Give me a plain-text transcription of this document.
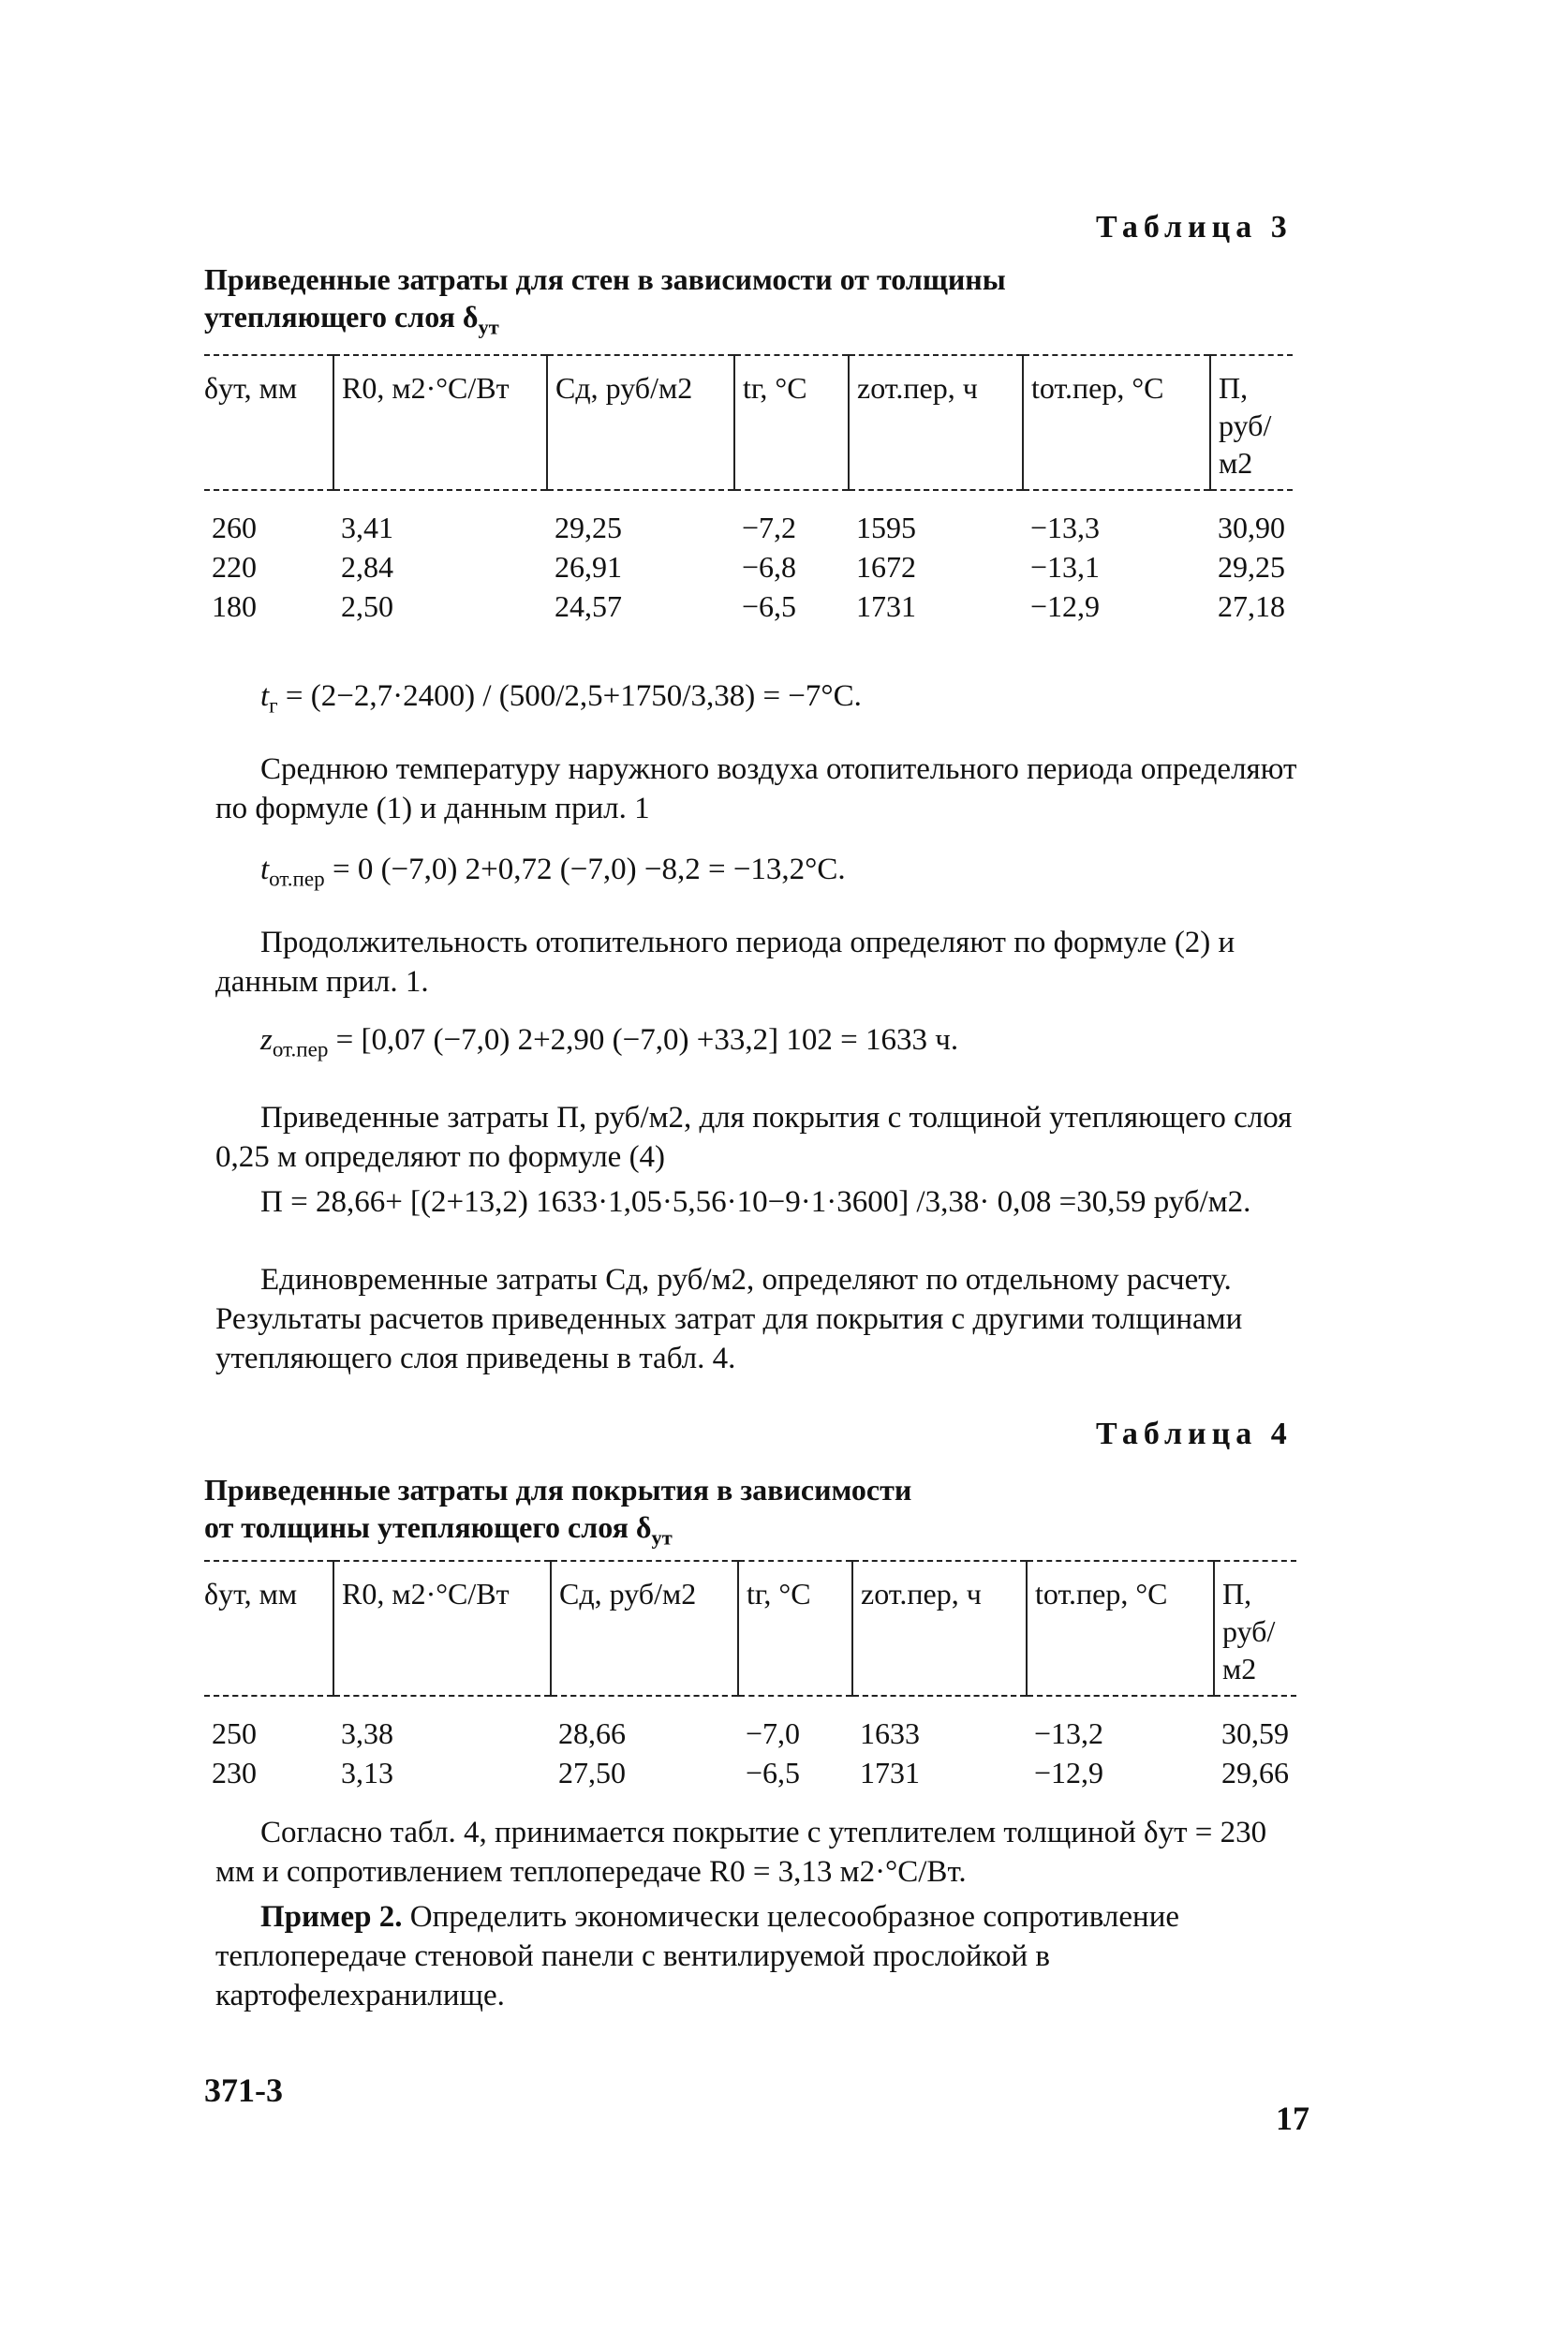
Таблица 3
Приведенные затраты для стен в зависимости от толщины
утепляющего слоя $\delta_{ут}$
δут, мм	R0, м2·°С/Вт	Сд, руб/м2	tг, °С	zот.пер, ч	tот.пер, °С	П, руб/м2
260	3,41	29,25	−7,2	1595	−13,3	30,90
220	2,84	26,91	−6,8	1672	−13,1	29,25
180	2,50	24,57	−6,5	1731	−12,9	27,18
$t_г = (2-2,7\cdot 2400) / (500/2,5+1750/3,38) = -7^\circ С$.
Среднюю температуру наружного воздуха отопительного периода определяют по формуле (1) и данным прил. 1
$t_{от.пер} = 0$ (−7,0) 2+0,72 (−7,0) −8,2 = −13,2°С.
Продолжительность отопительного периода определяют по формуле (2) и данным прил. 1.
$z_{от.пер} = [0,07$ (−7,0) 2+2,90 (−7,0) +33,2] 102 = 1633 ч.
Приведенные затраты П, руб/м2, для покрытия с толщиной утепляющего слоя 0,25 м определяют по формуле (4)
П = 28,66+ [(2+13,2) 1633·1,05·5,56·10−9·1·3600] /3,38· 0,08 =30,59 руб/м2.
Единовременные затраты Сд, руб/м2, определяют по отдельному расчету. Результаты расчетов приведенных затрат для покрытия с другими толщинами утепляющего слоя приведены в табл. 4.
Таблица 4
Приведенные затраты для покрытия в зависимости
от толщины утепляющего слоя $\delta_{ут}$
δут, мм	R0, м2·°С/Вт	Сд, руб/м2	tг, °С	zот.пер, ч	tот.пер, °С	П, руб/м2
250	3,38	28,66	−7,0	1633	−13,2	30,59
230	3,13	27,50	−6,5	1731	−12,9	29,66
Согласно табл. 4, принимается покрытие с утеплителем толщиной δут = 230 мм и сопротивлением теплопередаче R0 = 3,13 м2·°С/Вт.
Пример 2. Определить экономически целесообразное сопротивление теплопередаче стеновой панели с вентилируемой прослойкой в картофелехранилище.
371-3
17
